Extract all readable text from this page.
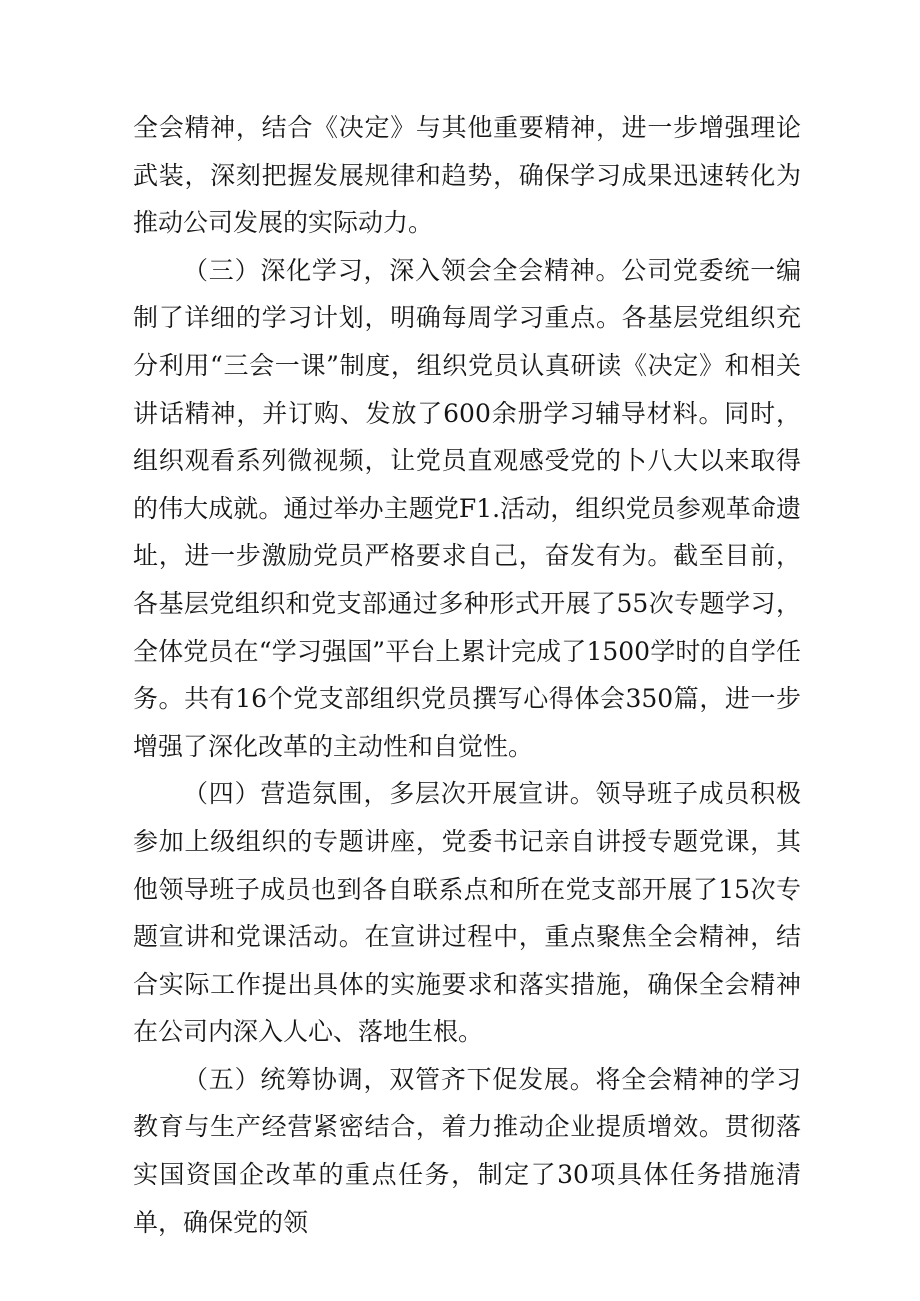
全会精神，结合《决定》与其他重要精神，进一步增强理论武装，深刻把握发展规律和趋势，确保学习成果迅速转化为推动公司发展的实际动力。

（三）深化学习，深入领会全会精神。公司党委统一编制了详细的学习计划，明确每周学习重点。各基层党组织充分利用“三会一课”制度，组织党员认真研读《决定》和相关讲话精神，并订购、发放了600余册学习辅导材料。同时，组织观看系列微视频，让党员直观感受党的卜八大以来取得的伟大成就。通过举办主题党F1.活动，组织党员参观革命遗址，进一步激励党员严格要求自己，奋发有为。截至目前，各基层党组织和党支部通过多种形式开展了55次专题学习，全体党员在“学习强国”平台上累计完成了1500学时的自学任务。共有16个党支部组织党员撰写心得体会350篇，进一步增强了深化改革的主动性和自觉性。

（四）营造氛围，多层次开展宣讲。领导班子成员积极参加上级组织的专题讲座，党委书记亲自讲授专题党课，其他领导班子成员也到各自联系点和所在党支部开展了15次专题宣讲和党课活动。在宣讲过程中，重点聚焦全会精神，结合实际工作提出具体的实施要求和落实措施，确保全会精神在公司内深入人心、落地生根。

（五）统筹协调，双管齐下促发展。将全会精神的学习教育与生产经营紧密结合，着力推动企业提质增效。贯彻落实国资国企改革的重点任务，制定了30项具体任务措施清单，确保党的领
